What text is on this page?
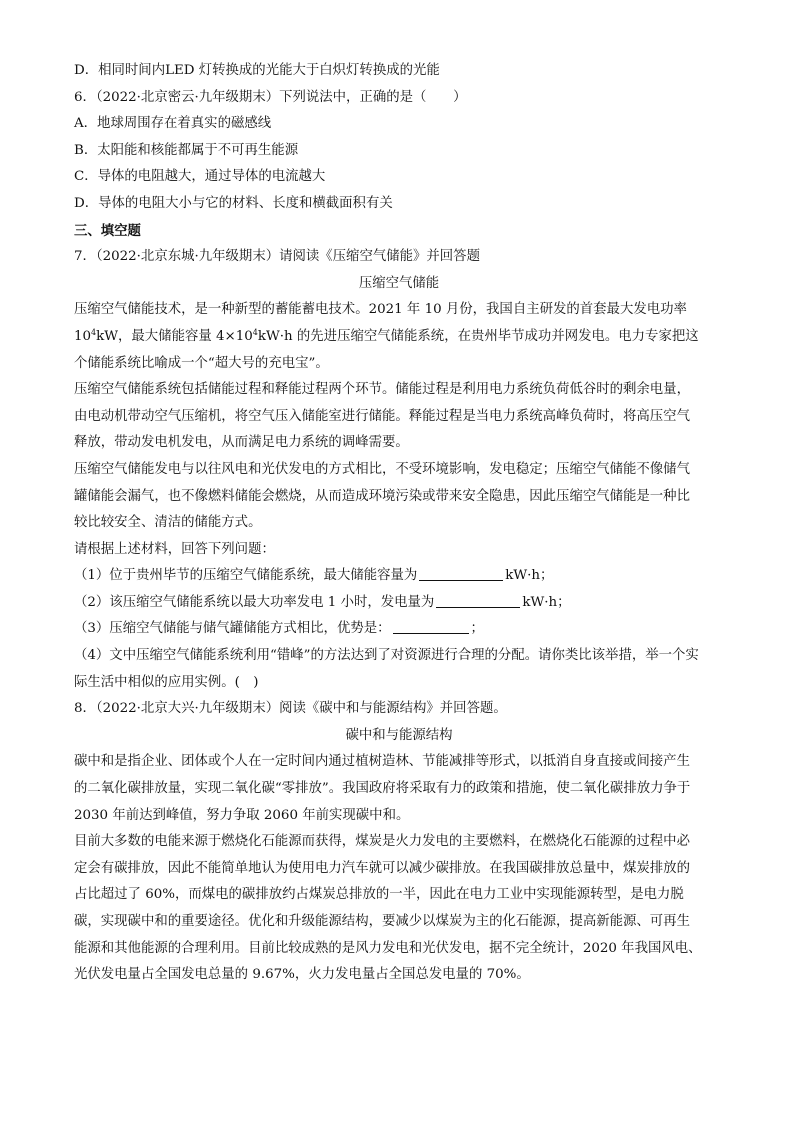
D．相同时间内LED 灯转换成的光能大于白炽灯转换成的光能
6．（2022·北京密云·九年级期末）下列说法中，正确的是（　　）
A．地球周围存在着真实的磁感线
B．太阳能和核能都属于不可再生能源
C．导体的电阻越大，通过导体的电流越大
D．导体的电阻大小与它的材料、长度和横截面积有关
三、填空题
7．（2022·北京东城·九年级期末）请阅读《压缩空气储能》并回答题
压缩空气储能
压缩空气储能技术，是一种新型的蓄能蓄电技术。2021 年 10 月份，我国自主研发的首套最大发电功率
$10^4kW$，最大储能容量 $4\times 10^4kW\cdot h$ 的先进压缩空气储能系统，在贵州毕节成功并网发电。电力专家把这
个储能系统比喻成一个“超大号的充电宝”。
压缩空气储能系统包括储能过程和释能过程两个环节。储能过程是利用电力系统负荷低谷时的剩余电量，
由电动机带动空气压缩机，将空气压入储能室进行储能。释能过程是当电力系统高峰负荷时，将高压空气
释放，带动发电机发电，从而满足电力系统的调峰需要。
压缩空气储能发电与以往风电和光伏发电的方式相比，不受环境影响，发电稳定；压缩空气储能不像储气
罐储能会漏气，也不像燃料储能会燃烧，从而造成环境污染或带来安全隐患，因此压缩空气储能是一种比
较比较安全、清洁的储能方式。
请根据上述材料，回答下列问题：
（1）位于贵州毕节的压缩空气储能系统，最大储能容量为	kW·h；
（2）该压缩空气储能系统以最大功率发电 1 小时，发电量为	kW·h；
（3）压缩空气储能与储气罐储能方式相比，优势是：	；
（4）文中压缩空气储能系统利用“错峰”的方法达到了对资源进行合理的分配。请你类比该举措，举一个实
际生活中相似的应用实例。(　)
8．（2022·北京大兴·九年级期末）阅读《碳中和与能源结构》并回答题。
碳中和与能源结构
碳中和是指企业、团体或个人在一定时间内通过植树造林、节能减排等形式，以抵消自身直接或间接产生
的二氧化碳排放量，实现二氧化碳“零排放”。我国政府将采取有力的政策和措施，使二氧化碳排放力争于
2030 年前达到峰值，努力争取 2060 年前实现碳中和。
目前大多数的电能来源于燃烧化石能源而获得，煤炭是火力发电的主要燃料，在燃烧化石能源的过程中必
定会有碳排放，因此不能简单地认为使用电力汽车就可以减少碳排放。在我国碳排放总量中，煤炭排放的
占比超过了 60%，而煤电的碳排放约占煤炭总排放的一半，因此在电力工业中实现能源转型，是电力脱
碳，实现碳中和的重要途径。优化和升级能源结构，要减少以煤炭为主的化石能源，提高新能源、可再生
能源和其他能源的合理利用。目前比较成熟的是风力发电和光伏发电，据不完全统计，2020 年我国风电、
光伏发电量占全国发电总量的 9.67%，火力发电量占全国总发电量的 70%。
